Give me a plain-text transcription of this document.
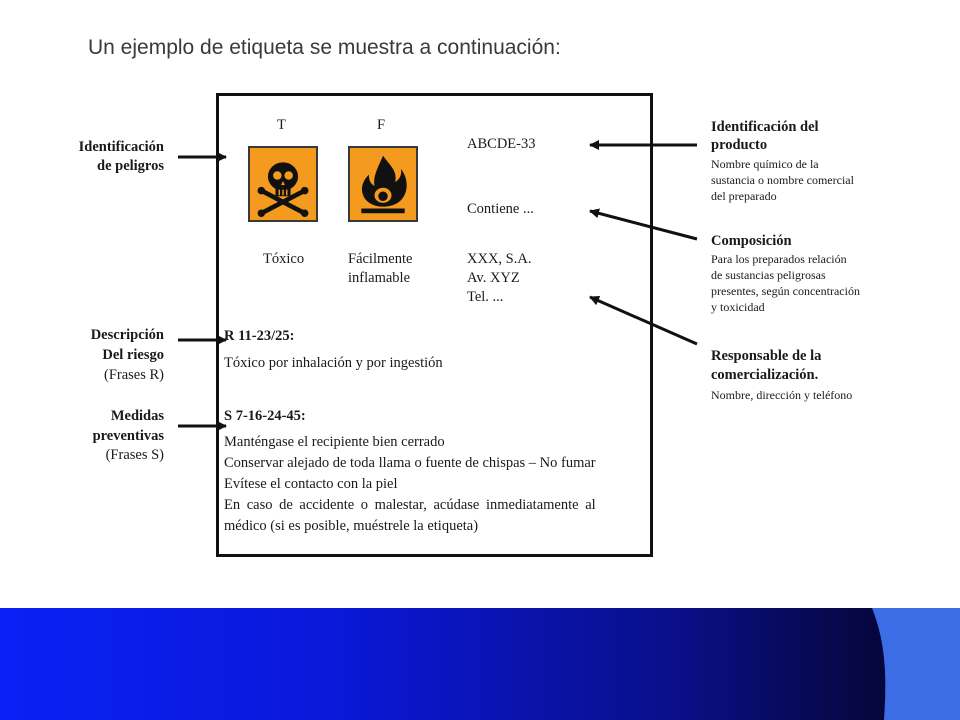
Un ejemplo de etiqueta se muestra a continuación:
T	F
Tóxico	Fácilmente
inflamable
ABCDE-33
Contiene ...
XXX, S.A.
Av. XYZ
Tel. ...
R 11-23/25:
Tóxico por inhalación y por ingestión
S 7-16-24-45:
Manténgase el recipiente bien cerrado
Conservar alejado de toda llama o fuente de chispas – No fumar
Evítese el contacto con la piel
En caso de accidente o malestar, acúdase inmediatamente al
médico (si es posible, muéstrele la etiqueta)
Identificación
de peligros
Descripción
Del riesgo
(Frases R)
Medidas
preventivas
(Frases S)
Identificación del
producto
Nombre químico de la
sustancia o nombre comercial
del preparado
Composición
Para los preparados relación
de sustancias peligrosas
presentes, según concentración
y toxicidad
Responsable de la
comercialización.
Nombre, dirección y teléfono
